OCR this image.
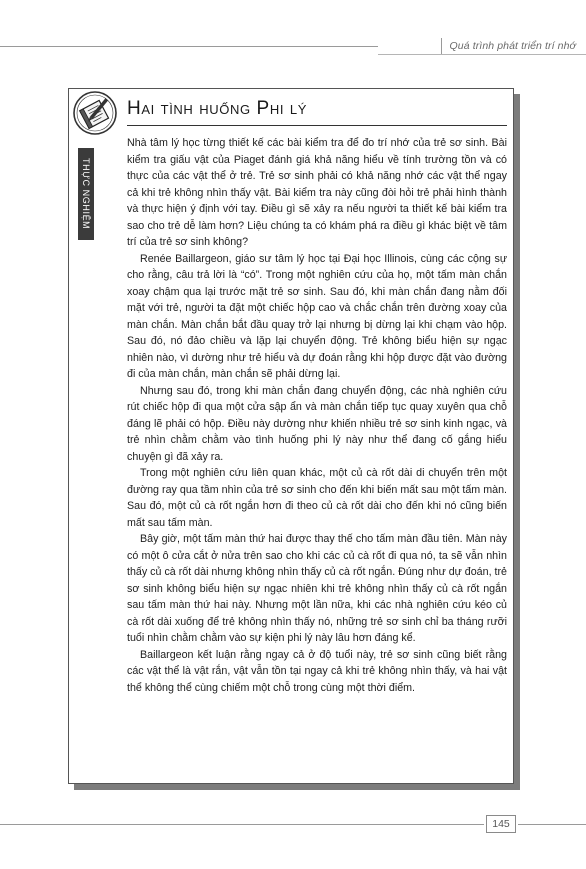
Quá trình phát triển trí nhớ
Hai tình huống Phi lý
THỰC NGHIỆM

Nhà tâm lý học từng thiết kế các bài kiểm tra để đo trí nhớ của trẻ sơ sinh. Bài kiểm tra giấu vật của Piaget đánh giá khả năng hiểu về tính trường tồn và có thực của các vật thể ở trẻ. Trẻ sơ sinh phải có khả năng nhớ các vật thể ngay cả khi trẻ không nhìn thấy vật. Bài kiểm tra này cũng đòi hỏi trẻ phải hình thành và thực hiện ý định với tay. Điều gì sẽ xảy ra nếu người ta thiết kế bài kiểm tra sao cho trẻ dễ làm hơn? Liệu chúng ta có khám phá ra điều gì khác biệt về tâm trí của trẻ sơ sinh không?

Renée Baillargeon, giáo sư tâm lý học tại Đại học Illinois, cùng các cộng sự cho rằng, câu trả lời là “có”. Trong một nghiên cứu của họ, một tấm màn chắn xoay chậm qua lại trước mặt trẻ sơ sinh. Sau đó, khi màn chắn đang nằm đối mặt với trẻ, người ta đặt một chiếc hộp cao và chắc chắn trên đường xoay của màn chắn. Màn chắn bắt đầu quay trở lại nhưng bị dừng lại khi chạm vào hộp. Sau đó, nó đảo chiều và lặp lại chuyển động. Trẻ không biểu hiện sự ngạc nhiên nào, vì dường như trẻ hiểu và dự đoán rằng khi hộp được đặt vào đường đi của màn chắn, màn chắn sẽ phải dừng lại.

Nhưng sau đó, trong khi màn chắn đang chuyển động, các nhà nghiên cứu rút chiếc hộp đi qua một cửa sập ẩn và màn chắn tiếp tục quay xuyên qua chỗ đáng lẽ phải có hộp. Điều này dường như khiến nhiều trẻ sơ sinh kinh ngạc, và trẻ nhìn chằm chằm vào tình huống phi lý này như thể đang cố gắng hiểu chuyện gì đã xảy ra.

Trong một nghiên cứu liên quan khác, một củ cà rốt dài di chuyển trên một đường ray qua tầm nhìn của trẻ sơ sinh cho đến khi biến mất sau một tấm màn. Sau đó, một củ cà rốt ngắn hơn đi theo củ cà rốt dài cho đến khi nó cũng biến mất sau tấm màn.

Bây giờ, một tấm màn thứ hai được thay thế cho tấm màn đầu tiên. Màn này có một ô cửa cắt ở nửa trên sao cho khi các củ cà rốt đi qua nó, ta sẽ vẫn nhìn thấy củ cà rốt dài nhưng không nhìn thấy củ cà rốt ngắn. Đúng như dự đoán, trẻ sơ sinh không biểu hiện sự ngạc nhiên khi trẻ không nhìn thấy củ cà rốt ngắn sau tấm màn thứ hai này. Nhưng một lần nữa, khi các nhà nghiên cứu kéo củ cà rốt dài xuống để trẻ không nhìn thấy nó, những trẻ sơ sinh chỉ ba tháng rưỡi tuổi nhìn chằm chằm vào sự kiện phi lý này lâu hơn đáng kể.

Baillargeon kết luận rằng ngay cả ở độ tuổi này, trẻ sơ sinh cũng biết rằng các vật thể là vật rắn, vật vẫn tồn tại ngay cả khi trẻ không nhìn thấy, và hai vật thể không thể cùng chiếm một chỗ trong cùng một thời điểm.

145
